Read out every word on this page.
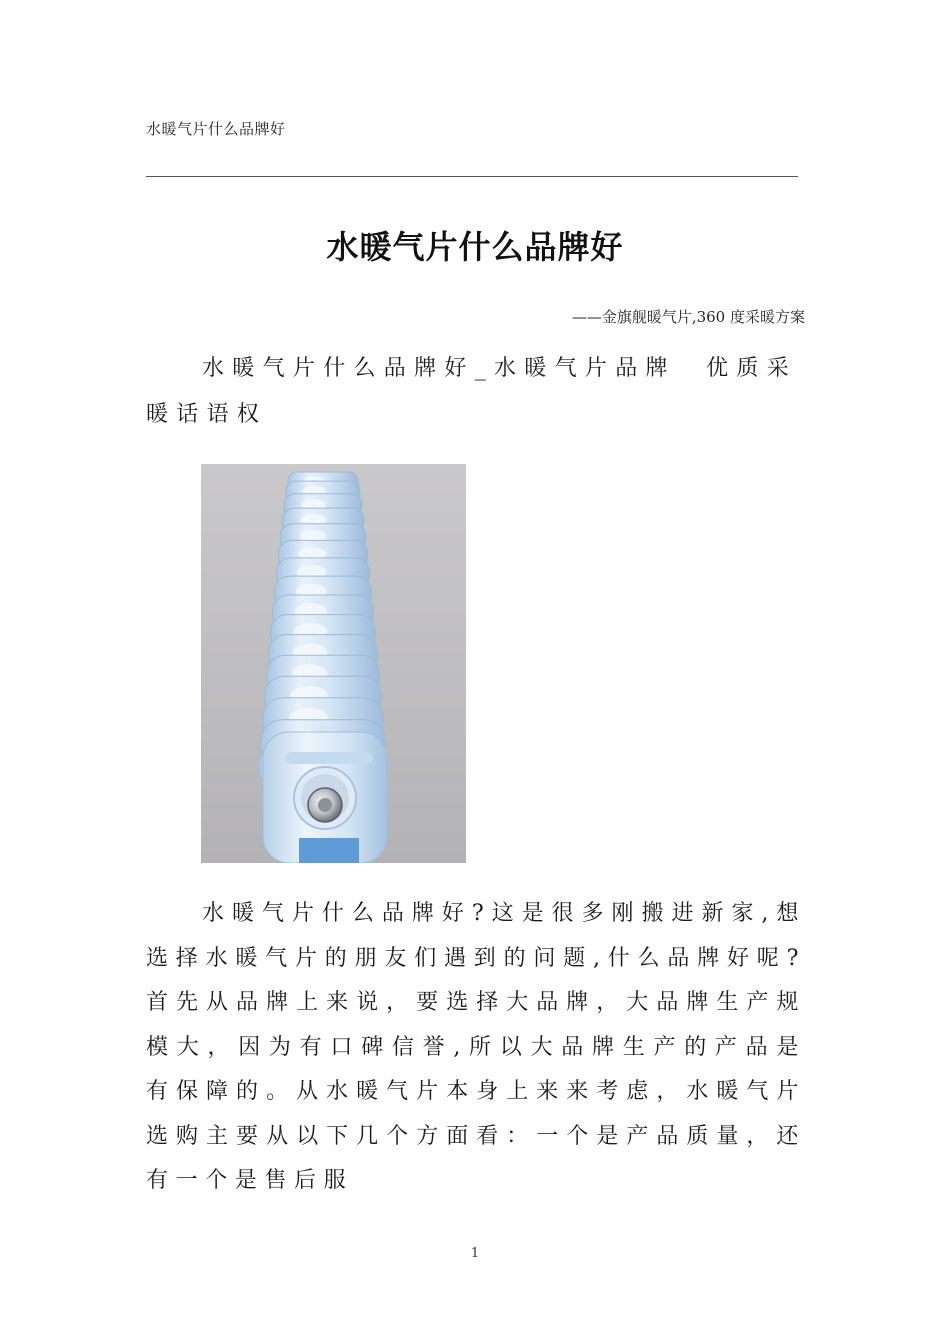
水暖气片什么品牌好
水暖气片什么品牌好
——金旗舰暖气片,360 度采暖方案

水暖气片什么品牌好_水暖气片品牌　优质采暖话语权

水暖气片什么品牌好?这是很多刚搬进新家,想选择水暖气片的朋友们遇到的问题,什么品牌好呢?首先从品牌上来说，要选择大品牌，大品牌生产规模大，因为有口碑信誉,所以大品牌生产的产品是有保障的。从水暖气片本身上来来考虑，水暖气片选购主要从以下几个方面看：一个是产品质量，还有一个是售后服

1
